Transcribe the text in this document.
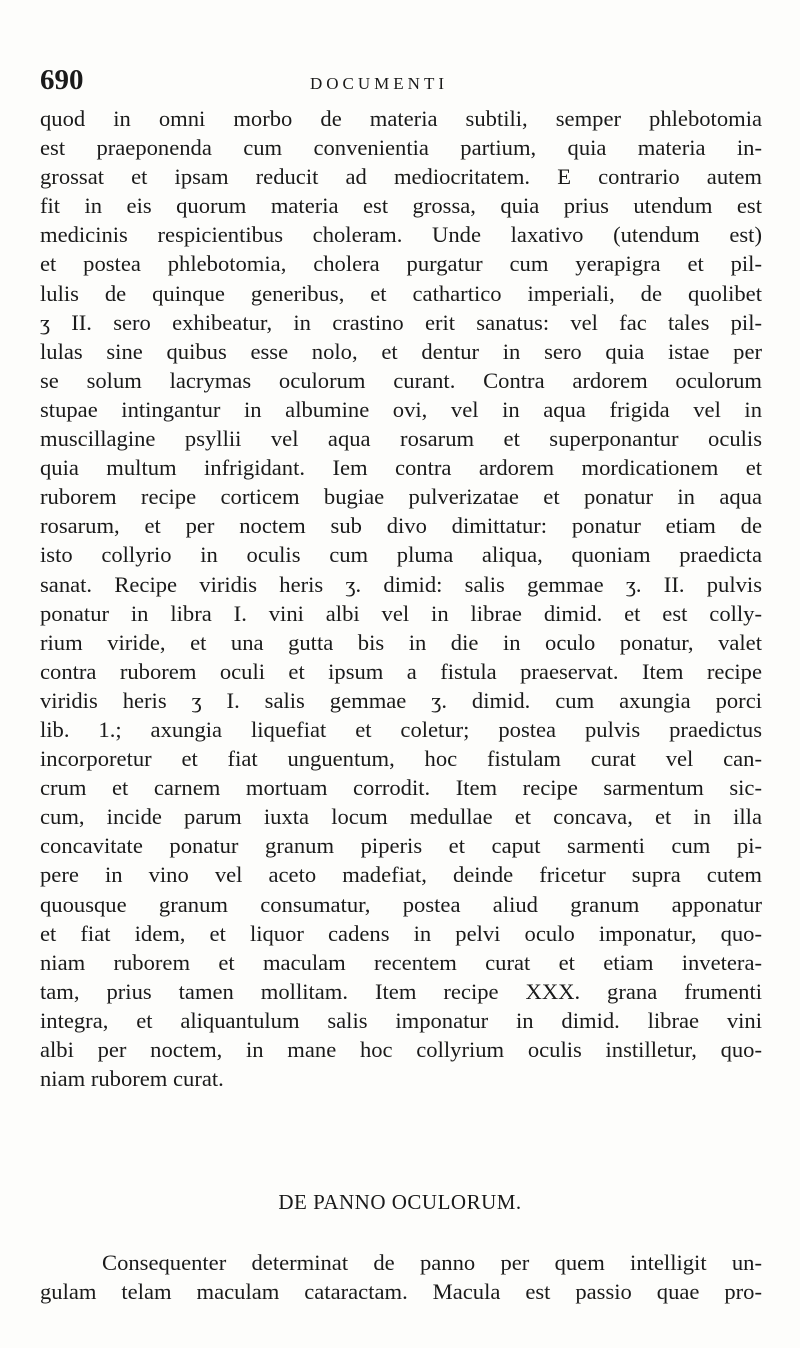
690	DOCUMENTI
quod in omni morbo de materia subtili, semper phlebotomia
est praeponenda cum convenientia partium, quia materia in-
grossat et ipsam reducit ad mediocritatem. E contrario autem
fit in eis quorum materia est grossa, quia prius utendum est
medicinis respicientibus choleram. Unde laxativo (utendum est)
et postea phlebotomia, cholera purgatur cum yerapigra et pil-
lulis de quinque generibus, et cathartico imperiali, de quolibet
ʒ II. sero exhibeatur, in crastino erit sanatus: vel fac tales pil-
lulas sine quibus esse nolo, et dentur in sero quia istae per
se solum lacrymas oculorum curant. Contra ardorem oculorum
stupae intingantur in albumine ovi, vel in aqua frigida vel in
muscillagine psyllii vel aqua rosarum et superponantur oculis
quia multum infrigidant. Iem contra ardorem mordicationem et
ruborem recipe corticem bugiae pulverizatae et ponatur in aqua
rosarum, et per noctem sub divo dimittatur: ponatur etiam de
isto collyrio in oculis cum pluma aliqua, quoniam praedicta
sanat. Recipe viridis heris ʒ. dimid: salis gemmae ʒ. II. pulvis
ponatur in libra I. vini albi vel in librae dimid. et est colly-
rium viride, et una gutta bis in die in oculo ponatur, valet
contra ruborem oculi et ipsum a fistula praeservat. Item recipe
viridis heris ʒ I. salis gemmae ʒ. dimid. cum axungia porci
lib. 1.; axungia liquefiat et coletur; postea pulvis praedictus
incorporetur et fiat unguentum, hoc fistulam curat vel can-
crum et carnem mortuam corrodit. Item recipe sarmentum sic-
cum, incide parum iuxta locum medullae et concava, et in illa
concavitate ponatur granum piperis et caput sarmenti cum pi-
pere in vino vel aceto madefiat, deinde fricetur supra cutem
quousque granum consumatur, postea aliud granum apponatur
et fiat idem, et liquor cadens in pelvi oculo imponatur, quo-
niam ruborem et maculam recentem curat et etiam invetera-
tam, prius tamen mollitam. Item recipe XXX. grana frumenti
integra, et aliquantulum salis imponatur in dimid. librae vini
albi per noctem, in mane hoc collyrium oculis instilletur, quo-
niam ruborem curat.
DE PANNO OCULORUM.
Consequenter determinat de panno per quem intelligit un-
gulam telam maculam cataractam. Macula est passio quae pro-
